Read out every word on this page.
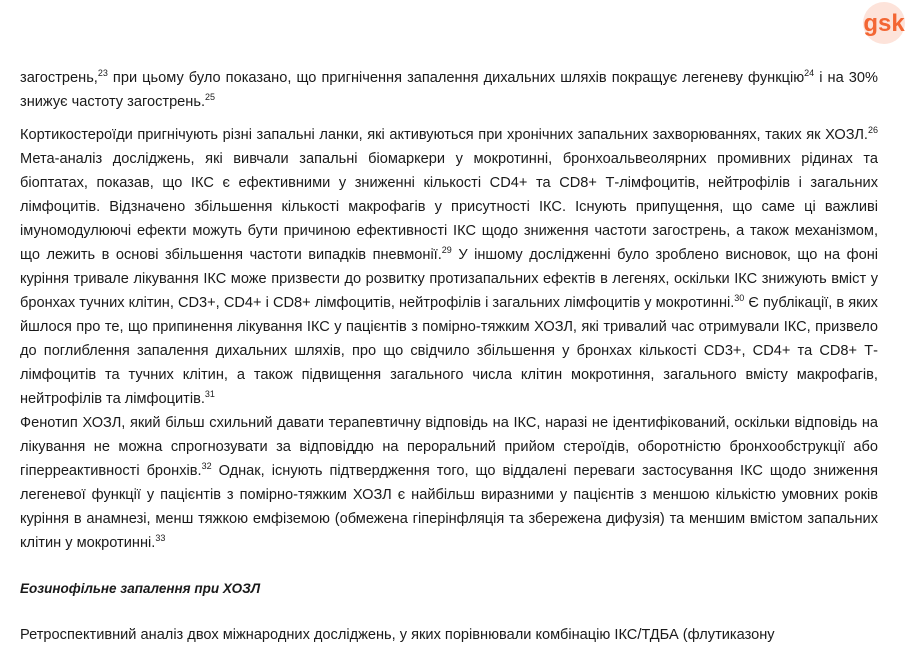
gsk

загострень,$^{23}$ при цьому було показано, що пригнічення запалення дихальних шляхів покращує легеневу функцію$^{24}$ і на 30% знижує частоту загострень.$^{25}$

Кортикостероїди пригнічують різні запальні ланки, які активуються при хронічних запальних захворюваннях, таких як ХОЗЛ.$^{26}$ Мета-аналіз досліджень, які вивчали запальні біомаркери у мокротинні, бронхоальвеолярних промивних рідинах та біоптатах, показав, що ІКС є ефективними у зниженні кількості CD4+ та CD8+ Т-лімфоцитів, нейтрофілів і загальних лімфоцитів. Відзначено збільшення кількості макрофагів у присутності ІКС. Існують припущення, що саме ці важливі імуномодулюючі ефекти можуть бути причиною ефективності ІКС щодо зниження частоти загострень, а також механізмом, що лежить в основі збільшення частоти випадків пневмонії.$^{29}$ У іншому дослідженні було зроблено висновок, що на фоні куріння тривале лікування ІКС може призвести до розвитку протизапальних ефектів в легенях, оскільки ІКС знижують вміст у бронхах тучних клітин, CD3+, CD4+ і CD8+ лімфоцитів, нейтрофілів і загальних лімфоцитів у мокротинні.$^{30}$ Є публікації, в яких йшлося про те, що припинення лікування ІКС у пацієнтів з помірно-тяжким ХОЗЛ, які тривалий час отримували ІКС, призвело до поглиблення запалення дихальних шляхів, про що свідчило збільшення у бронхах кількості CD3+, CD4+ та CD8+ Т-лімфоцитів та тучних клітин, а також підвищення загального числа клітин мокротиння, загального вмісту макрофагів, нейтрофілів та лімфоцитів.$^{31}$

Фенотип ХОЗЛ, який більш схильний давати терапевтичну відповідь на ІКС, наразі не ідентифікований, оскільки відповідь на лікування не можна спрогнозувати за відповіддю на пероральний прийом стероїдів, оборотністю бронхообструкції або гіперреактивності бронхів.$^{32}$ Однак, існують підтвердження того, що віддалені переваги застосування ІКС щодо зниження легеневої функції у пацієнтів з помірно-тяжким ХОЗЛ є найбільш виразними у пацієнтів з меншою кількістю умовних років куріння в анамнезі, менш тяжкою емфіземою (обмежена гіперінфляція та збережена дифузія) та меншим вмістом запальних клітин у мокротинні.$^{33}$

Еозинофільне запалення при ХОЗЛ
Ретроспективний аналіз двох міжнародних досліджень, у яких порівнювали комбінацію ІКС/ТДБА (флутиказону
